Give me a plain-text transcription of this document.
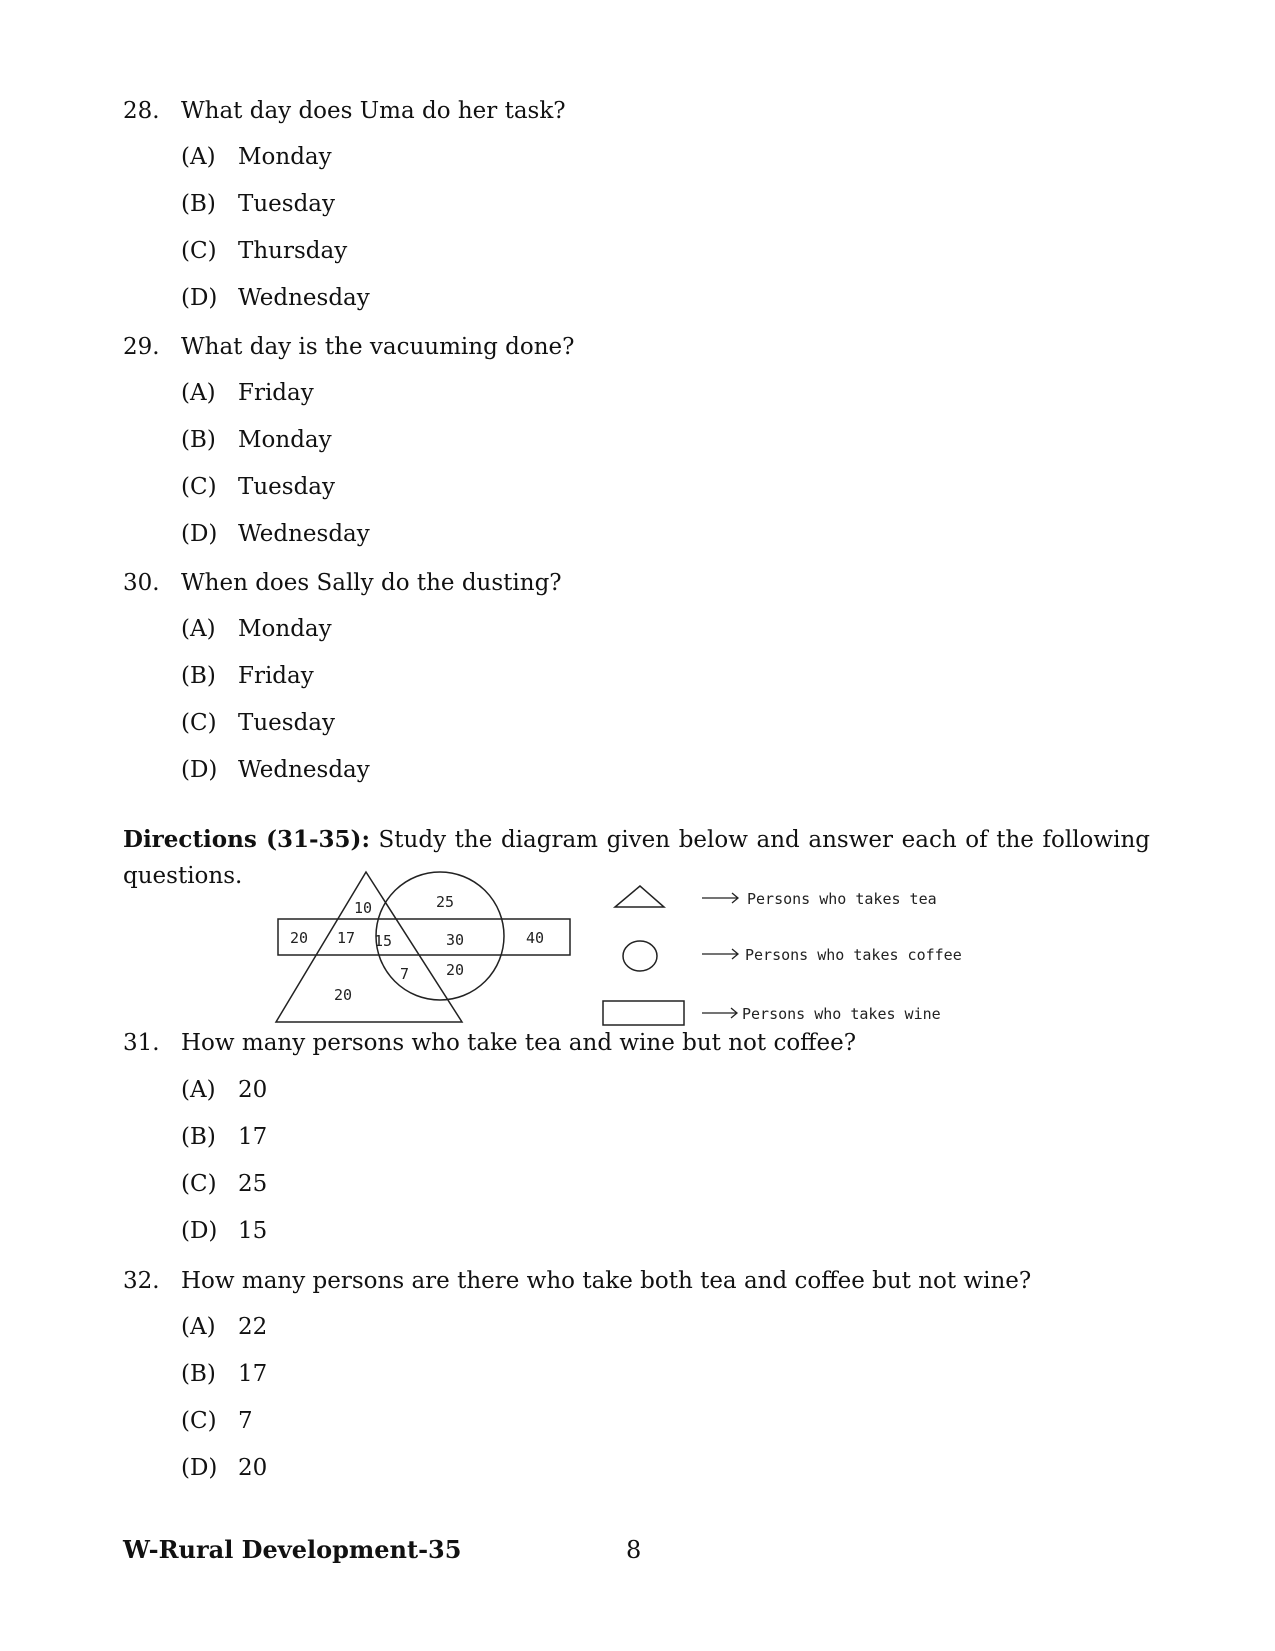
28. What day does Uma do her task?
(A) Monday
(B) Tuesday
(C) Thursday
(D) Wednesday
29. What day is the vacuuming done?
(A) Friday
(B) Monday
(C) Tuesday
(D) Wednesday
30. When does Sally do the dusting?
(A) Monday
(B) Friday
(C) Tuesday
(D) Wednesday
Directions (31-35): Study the diagram given below and answer each of the following questions.
10	25
20 17 15	30	40
7 20
20
Persons who takes tea
Persons who takes coffee
Persons who takes wine
31. How many persons who take tea and wine but not coffee?
(A) 20
(B) 17
(C) 25
(D) 15
32. How many persons are there who take both tea and coffee but not wine?
(A) 22
(B) 17
(C) 7
(D) 20
W-Rural Development-35	8
